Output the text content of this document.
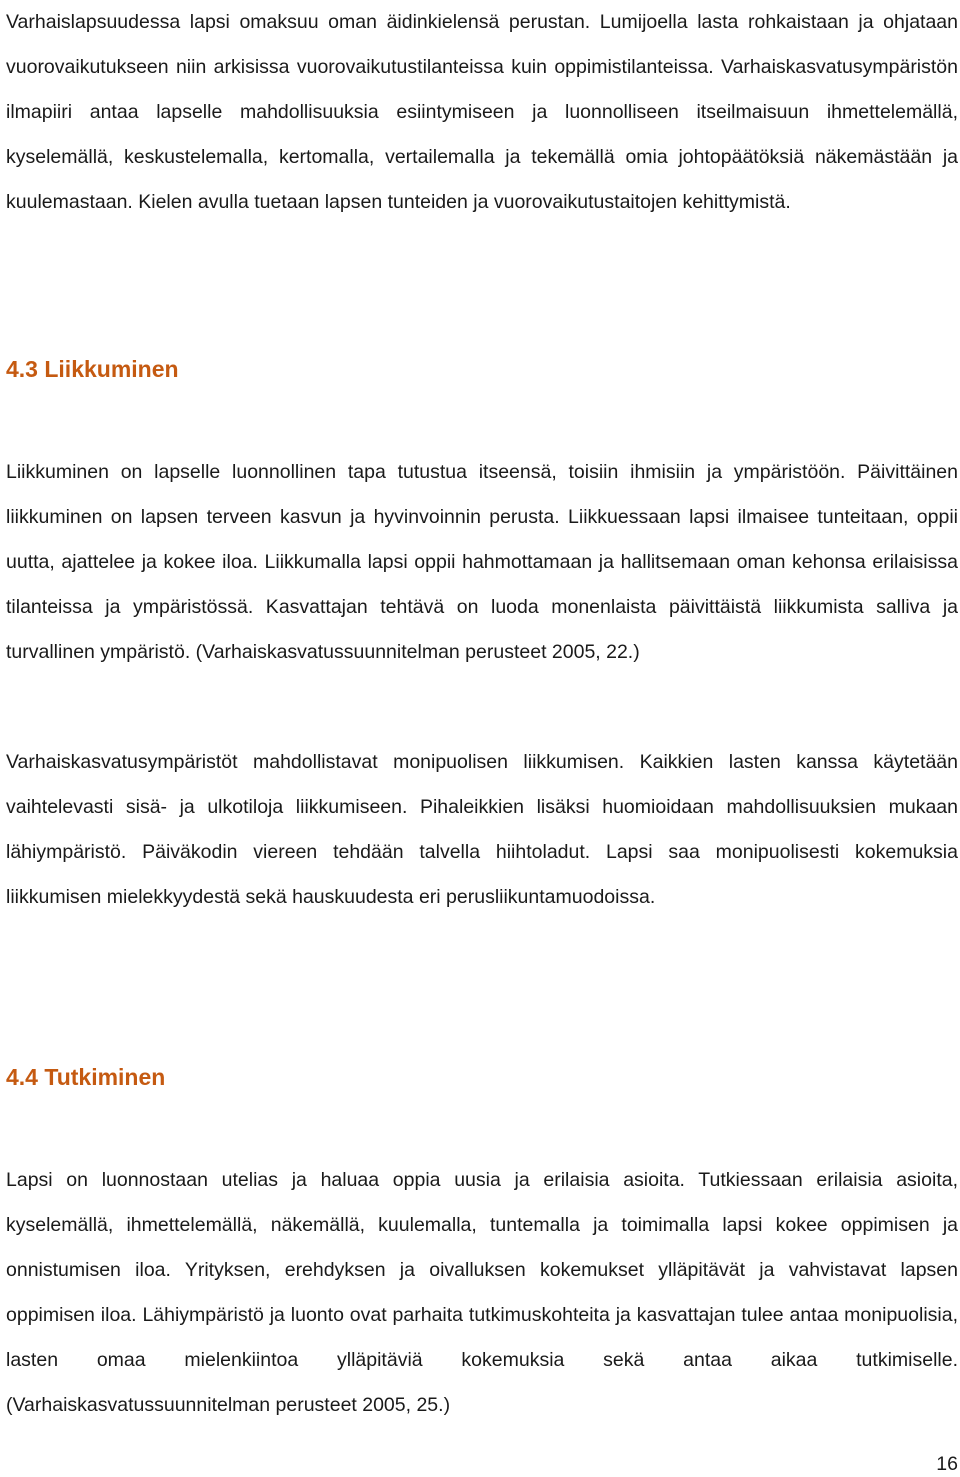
Varhaislapsuudessa lapsi omaksuu oman äidinkielensä perustan. Lumijoella lasta rohkaistaan ja ohjataan vuorovaikutukseen niin arkisissa vuorovaikutustilanteissa kuin oppimistilanteissa. Varhaiskasvatusympäristön ilmapiiri antaa lapselle mahdollisuuksia esiintymiseen ja luonnolliseen itseilmaisuun ihmettelemällä, kyselemällä, keskustelemalla, kertomalla, vertailemalla ja tekemällä omia johtopäätöksiä näkemästään ja kuulemastaan. Kielen avulla tuetaan lapsen tunteiden ja vuorovaikutustaitojen kehittymistä.

4.3 Liikkuminen

Liikkuminen on lapselle luonnollinen tapa tutustua itseensä, toisiin ihmisiin ja ympäristöön. Päivittäinen liikkuminen on lapsen terveen kasvun ja hyvinvoinnin perusta. Liikkuessaan lapsi ilmaisee tunteitaan, oppii uutta, ajattelee ja kokee iloa. Liikkumalla lapsi oppii hahmottamaan ja hallitsemaan oman kehonsa erilaisissa tilanteissa ja ympäristössä. Kasvattajan tehtävä on luoda monenlaista päivittäistä liikkumista salliva ja turvallinen ympäristö. (Varhaiskasvatussuunnitelman perusteet 2005, 22.)

Varhaiskasvatusympäristöt mahdollistavat monipuolisen liikkumisen. Kaikkien lasten kanssa käytetään vaihtelevasti sisä- ja ulkotiloja liikkumiseen. Pihaleikkien lisäksi huomioidaan mahdollisuuksien mukaan lähiympäristö. Päiväkodin viereen tehdään talvella hiihtoladut. Lapsi saa monipuolisesti kokemuksia liikkumisen mielekkyydestä sekä hauskuudesta eri perusliikuntamuodoissa.

4.4 Tutkiminen

Lapsi on luonnostaan utelias ja haluaa oppia uusia ja erilaisia asioita. Tutkiessaan erilaisia asioita, kyselemällä, ihmettelemällä, näkemällä, kuulemalla, tuntemalla ja toimimalla lapsi kokee oppimisen ja onnistumisen iloa. Yrityksen, erehdyksen ja oivalluksen kokemukset ylläpitävät ja vahvistavat lapsen oppimisen iloa. Lähiympäristö ja luonto ovat parhaita tutkimuskohteita ja kasvattajan tulee antaa monipuolisia, lasten omaa mielenkiintoa ylläpitäviä kokemuksia sekä antaa aikaa tutkimiselle. (Varhaiskasvatussuunnitelman perusteet 2005, 25.)

16
